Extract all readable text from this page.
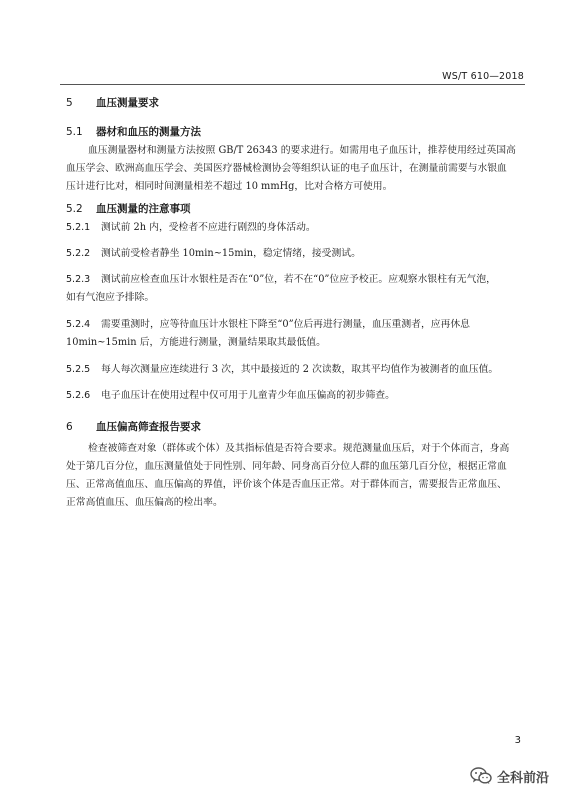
WS/T 610—2018
5 血压测量要求
5.1 器材和血压的测量方法
血压测量器材和测量方法按照 GB/T 26343 的要求进行。如需用电子血压计，推荐使用经过英国高
血压学会、欧洲高血压学会、美国医疗器械检测协会等组织认证的电子血压计，在测量前需要与水银血
压计进行比对，相同时间测量相差不超过 10 mmHg，比对合格方可使用。
5.2 血压测量的注意事项
5.2.1 测试前 2h 内，受检者不应进行剧烈的身体活动。
5.2.2 测试前受检者静坐 10min~15min，稳定情绪，接受测试。
5.2.3 测试前应检查血压计水银柱是否在“0”位，若不在“0”位应予校正。应观察水银柱有无气泡，
如有气泡应予排除。
5.2.4 需要重测时，应等待血压计水银柱下降至“0”位后再进行测量，血压重测者，应再休息
10min~15min 后，方能进行测量，测量结果取其最低值。
5.2.5 每人每次测量应连续进行 3 次，其中最接近的 2 次读数，取其平均值作为被测者的血压值。
5.2.6 电子血压计在使用过程中仅可用于儿童青少年血压偏高的初步筛查。
6 血压偏高筛查报告要求
检查被筛查对象（群体或个体）及其指标值是否符合要求。规范测量血压后，对于个体而言，身高
处于第几百分位，血压测量值处于同性别、同年龄、同身高百分位人群的血压第几百分位，根据正常血
压、正常高值血压、血压偏高的界值，评价该个体是否血压正常。对于群体而言，需要报告正常血压、
正常高值血压、血压偏高的检出率。
3
全科前沿
